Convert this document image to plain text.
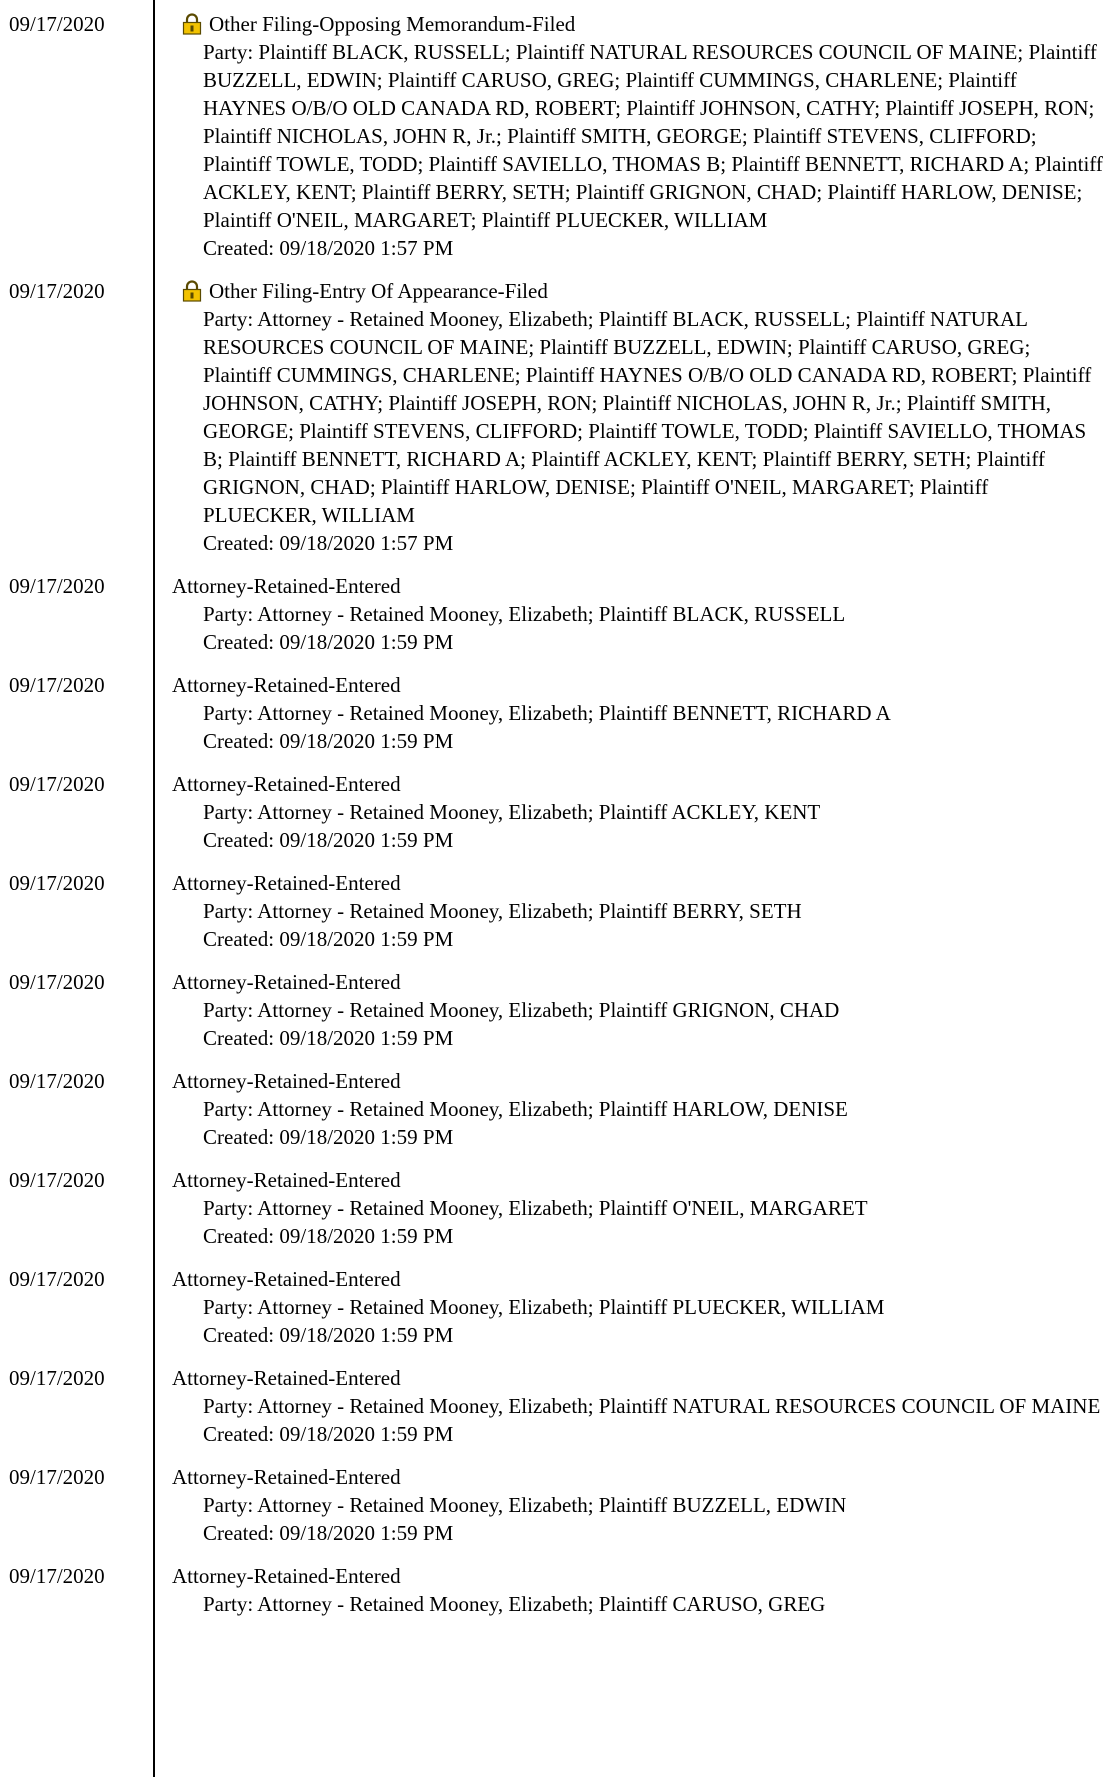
09/17/2020	Other Filing-Opposing Memorandum-Filed
Party: Plaintiff BLACK, RUSSELL; Plaintiff NATURAL RESOURCES COUNCIL OF MAINE; Plaintiff BUZZELL, EDWIN; Plaintiff CARUSO, GREG; Plaintiff CUMMINGS, CHARLENE; Plaintiff HAYNES O/B/O OLD CANADA RD, ROBERT; Plaintiff JOHNSON, CATHY; Plaintiff JOSEPH, RON; Plaintiff NICHOLAS, JOHN R, Jr.; Plaintiff SMITH, GEORGE; Plaintiff STEVENS, CLIFFORD; Plaintiff TOWLE, TODD; Plaintiff SAVIELLO, THOMAS B; Plaintiff BENNETT, RICHARD A; Plaintiff ACKLEY, KENT; Plaintiff BERRY, SETH; Plaintiff GRIGNON, CHAD; Plaintiff HARLOW, DENISE; Plaintiff O'NEIL, MARGARET; Plaintiff PLUECKER, WILLIAM
Created: 09/18/2020 1:57 PM
09/17/2020	Other Filing-Entry Of Appearance-Filed
Party: Attorney - Retained Mooney, Elizabeth; Plaintiff BLACK, RUSSELL; Plaintiff NATURAL RESOURCES COUNCIL OF MAINE; Plaintiff BUZZELL, EDWIN; Plaintiff CARUSO, GREG; Plaintiff CUMMINGS, CHARLENE; Plaintiff HAYNES O/B/O OLD CANADA RD, ROBERT; Plaintiff JOHNSON, CATHY; Plaintiff JOSEPH, RON; Plaintiff NICHOLAS, JOHN R, Jr.; Plaintiff SMITH, GEORGE; Plaintiff STEVENS, CLIFFORD; Plaintiff TOWLE, TODD; Plaintiff SAVIELLO, THOMAS B; Plaintiff BENNETT, RICHARD A; Plaintiff ACKLEY, KENT; Plaintiff BERRY, SETH; Plaintiff GRIGNON, CHAD; Plaintiff HARLOW, DENISE; Plaintiff O'NEIL, MARGARET; Plaintiff PLUECKER, WILLIAM
Created: 09/18/2020 1:57 PM
09/17/2020	Attorney-Retained-Entered
Party: Attorney - Retained Mooney, Elizabeth; Plaintiff BLACK, RUSSELL
Created: 09/18/2020 1:59 PM
09/17/2020	Attorney-Retained-Entered
Party: Attorney - Retained Mooney, Elizabeth; Plaintiff BENNETT, RICHARD A
Created: 09/18/2020 1:59 PM
09/17/2020	Attorney-Retained-Entered
Party: Attorney - Retained Mooney, Elizabeth; Plaintiff ACKLEY, KENT
Created: 09/18/2020 1:59 PM
09/17/2020	Attorney-Retained-Entered
Party: Attorney - Retained Mooney, Elizabeth; Plaintiff BERRY, SETH
Created: 09/18/2020 1:59 PM
09/17/2020	Attorney-Retained-Entered
Party: Attorney - Retained Mooney, Elizabeth; Plaintiff GRIGNON, CHAD
Created: 09/18/2020 1:59 PM
09/17/2020	Attorney-Retained-Entered
Party: Attorney - Retained Mooney, Elizabeth; Plaintiff HARLOW, DENISE
Created: 09/18/2020 1:59 PM
09/17/2020	Attorney-Retained-Entered
Party: Attorney - Retained Mooney, Elizabeth; Plaintiff O'NEIL, MARGARET
Created: 09/18/2020 1:59 PM
09/17/2020	Attorney-Retained-Entered
Party: Attorney - Retained Mooney, Elizabeth; Plaintiff PLUECKER, WILLIAM
Created: 09/18/2020 1:59 PM
09/17/2020	Attorney-Retained-Entered
Party: Attorney - Retained Mooney, Elizabeth; Plaintiff NATURAL RESOURCES COUNCIL OF MAINE
Created: 09/18/2020 1:59 PM
09/17/2020	Attorney-Retained-Entered
Party: Attorney - Retained Mooney, Elizabeth; Plaintiff BUZZELL, EDWIN
Created: 09/18/2020 1:59 PM
09/17/2020	Attorney-Retained-Entered
Party: Attorney - Retained Mooney, Elizabeth; Plaintiff CARUSO, GREG
